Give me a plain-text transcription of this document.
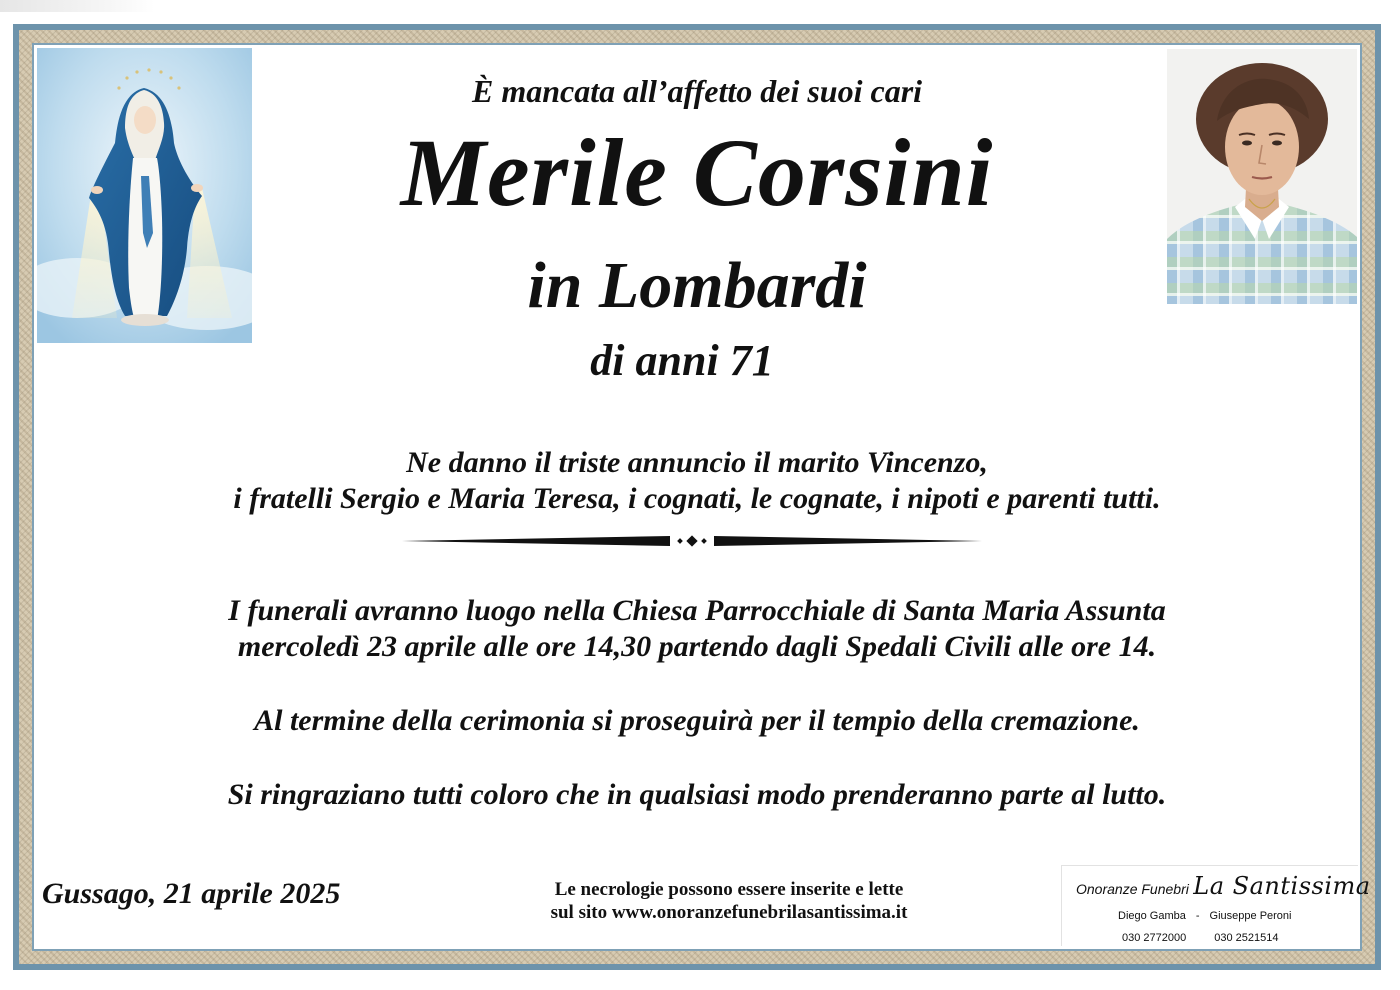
È mancata all’affetto dei suoi cari
Merile Corsini
in Lombardi
di anni 71
Ne danno il triste annuncio il marito Vincenzo,
i fratelli Sergio e Maria Teresa, i cognati, le cognate, i nipoti e parenti tutti.
I funerali avranno luogo nella Chiesa Parrocchiale di Santa Maria Assunta
mercoledì 23 aprile alle ore 14,30 partendo dagli Spedali Civili alle ore 14.
Al termine della cerimonia si proseguirà per il tempio della cremazione.
Si ringraziano tutti coloro che in qualsiasi modo prenderanno parte al lutto.
Gussago, 21 aprile 2025	Le necrologie possono essere inserite e lette
sul sito www.onoranzefunebrilasantissima.it
Onoranze Funebri La Santissima
Diego Gamba - Giuseppe Peroni
030 2772000	030 2521514
